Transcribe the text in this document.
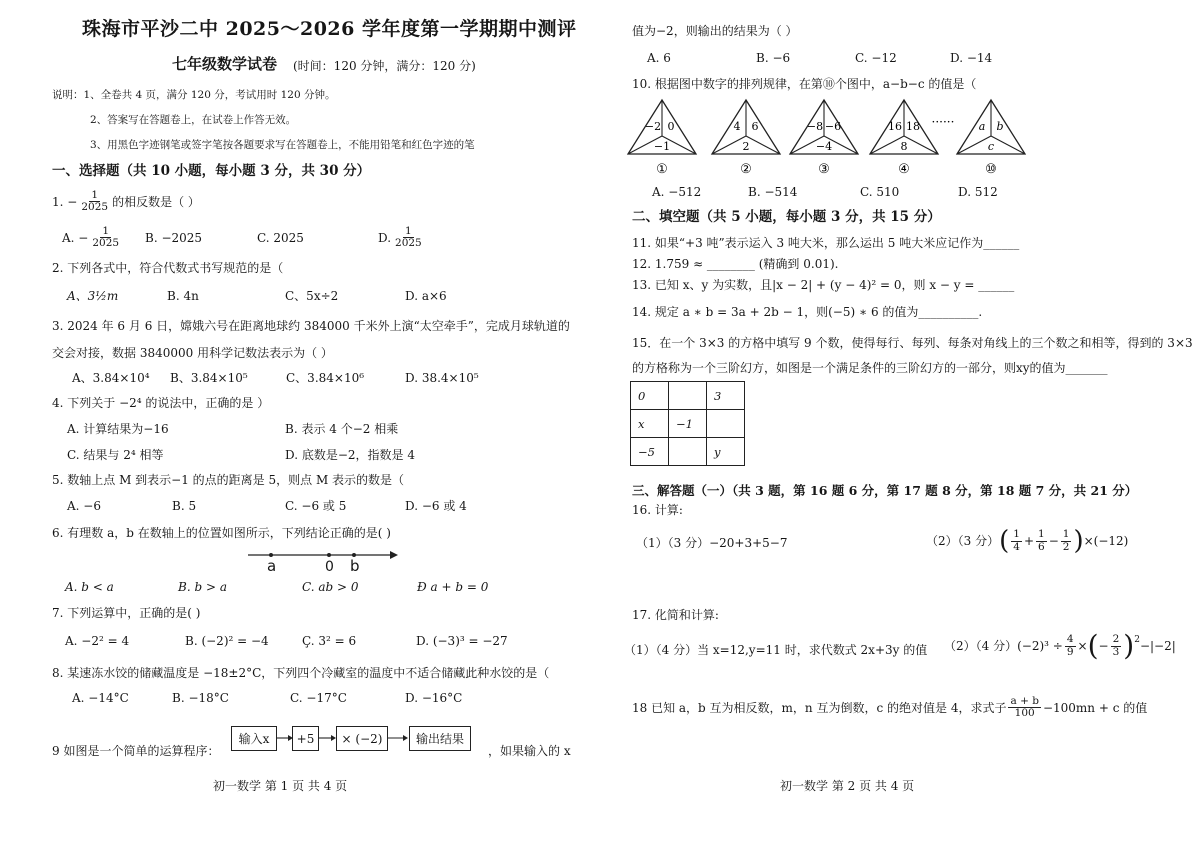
珠海市平沙二中 2025～2026 学年度第一学期期中测评
七年级数学试卷 (时间：120 分钟，满分：120 分)
说明：1、全卷共 4 页，满分 120 分，考试用时 120 分钟。
2、答案写在答题卷上，在试卷上作答无效。
3、用黑色字迹钢笔或签字笔按各题要求写在答题卷上，不能用铅笔和红色字迹的笔
一、选择题（共 10 小题，每小题 3 分，共 30 分）
1. − $\frac{1}{2025}$ 的相反数是（ ）
A. − $\frac{1}{2025} B$. −2025	C. 2025	D. $\frac{1}{2025}$
2. 下列各式中，符合代数式书写规范的是（
A、3½m	B. 4n	C、5x÷2	D. a×6
3. 2024 年 6 月 6 日，嫦娥六号在距离地球约 384000 千米外上演“太空牵手”，完成月球轨道的
交会对接，数据 3840000 用科学记数法表示为（ ）
A、3.84×10⁴ B、3.84×10⁵	C、3.84×10⁶	D. 38.4×10⁵
4. 下列关于 −2⁴ 的说法中，正确的是 ）
A. 计算结果为−16	B. 表示 4 个−2 相乘
C. 结果与 2⁴ 相等	D. 底数是−2，指数是 4
5. 数轴上点 M 到表示−1 的点的距离是 5，则点 M 表示的数是（
A. −6	B. 5	C. −6 或 5	D. −6 或 4
6. 有理数 a，b 在数轴上的位置如图所示，下列结论正确的是( )
a	0 b
A. b < a	B. b > a	C. ab > 0	Đ a + b = 0
7. 下列运算中，正确的是( )
A. −2² = 4	B. (−2)² = −4	Ç. 3² = 6	D. (−3)³ = −27
8. 某速冻水饺的储藏温度是 −18±2°C，下列四个冷藏室的温度中不适合储藏此种水饺的是（
A. −14°C	B. −18°C	C. −17°C	D. −16°C
9 如图是一个简单的运算程序：
输入x	+5	× (−2)	输出结果
，如果输入的 x
初一数学 第 1 页 共 4 页
值为−2，则输出的结果为（ ）
A. 6	B. −6	C. −12	D. −14
10. 根据图中数字的排列规律，在第⑩个图中，a−b−c 的值是（
−2 0
−1
①
4 6
2
②
−8 −6
−4
③
16 18
8
④
a b
c
⑩
······
A. −512	B. −514	C. 510	D. 512
二、填空题（共 5 小题，每小题 3 分，共 15 分）
11. 如果“+3 吨”表示运入 3 吨大米，那么运出 5 吨大米应记作为______
12. 1.759 ≈ ________ (精确到 0.01).
13. 已知 x、y 为实数，且|x − 2| + (y − 4)² = 0，则 x − y = ______
14. 规定 a ∗ b = 3a + 2b − 1，则(−5) ∗ 6 的值为__________.
15．在一个 3×3 的方格中填写 9 个数，使得每行、每列、每条对角线上的三个数之和相等，得到的 3×3
的方格称为一个三阶幻方，如图是一个满足条件的三阶幻方的一部分，则xy的值为_______
0		3
x	−1	
−5		y
三、解答题（一）（共 3 题，第 16 题 6 分，第 17 题 8 分，第 18 题 7 分，共 21 分）
16. 计算:
（1）（3 分）−20+3+5−7	（2）（3 分） ( $\frac{1}{4} + \frac{1}{6} - \frac{1}{2}$ ) ×(−12)
17. 化简和计算:
（1）（4 分）当 x=12,y=11 时，求代数式 2x+3y 的值 （2）（4 分）$(-2)^3 \div \frac{4}{9}$ × ( − $\frac{2}{3}$ ) 2 −|−2|
18 已知 a，b 互为相反数，m，n 互为倒数，c 的绝对值是 4，求式子 $\frac{a + b}{100} -100mn + c$ 的值
初一数学 第 2 页 共 4 页
